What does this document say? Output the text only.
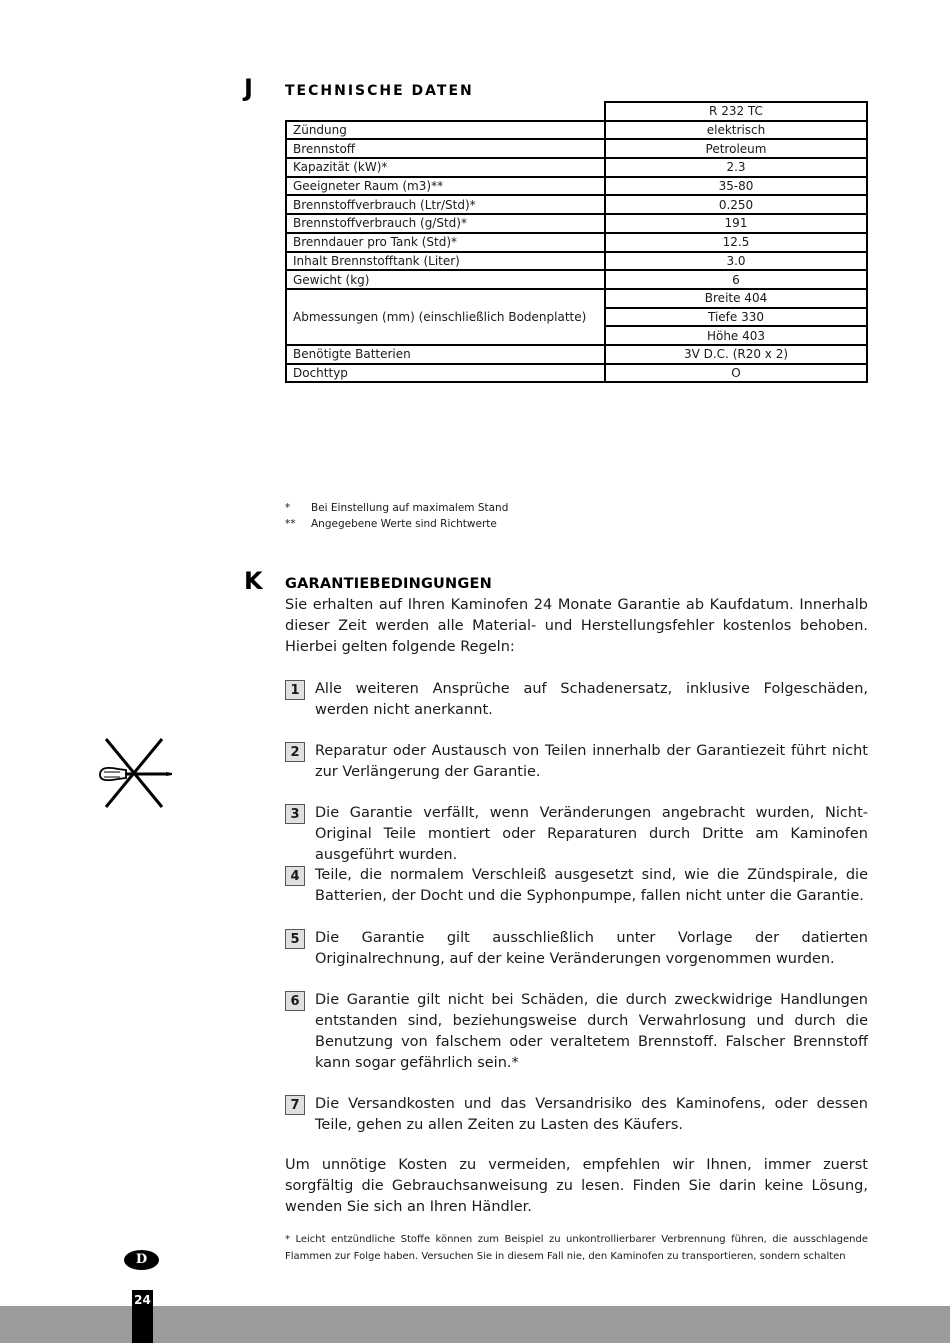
J TECHNISCHE DATEN
	R 232 TC
Zündung	elektrisch
Brennstoff	Petroleum
Kapazität (kW)*	2.3
Geeigneter Raum (m3)**	35-80
Brennstoffverbrauch (Ltr/Std)*	0.250
Brennstoffverbrauch (g/Std)*	191
Brenndauer pro Tank (Std)*	12.5
Inhalt Brennstofftank (Liter)	3.0
Gewicht (kg)	6
Abmessungen (mm) (einschließlich Bodenplatte)	Breite 404
	Tiefe 330
	Höhe 403
Benötigte Batterien	3V D.C. (R20 x 2)
Dochttyp	O
*	Bei Einstellung auf maximalem Stand
**	Angegebene Werte sind Richtwerte
K GARANTIEBEDINGUNGEN
Sie erhalten auf Ihren Kaminofen 24 Monate Garantie ab Kaufdatum. Innerhalb dieser Zeit werden alle Material- und Herstellungsfehler kostenlos behoben. Hierbei gelten folgende Regeln:
1	Alle weiteren Ansprüche auf Schadenersatz, inklusive Folgeschäden, werden nicht anerkannt.
2	Reparatur oder Austausch von Teilen innerhalb der Garantiezeit führt nicht zur Verlängerung der Garantie.
3	Die Garantie verfällt, wenn Veränderungen angebracht wurden, Nicht-Original Teile montiert oder Reparaturen durch Dritte am Kaminofen ausgeführt wurden.
4	Teile, die normalem Verschleiß ausgesetzt sind, wie die Zündspirale, die Batterien, der Docht und die Syphonpumpe, fallen nicht unter die Garantie.
5	Die Garantie gilt ausschließlich unter Vorlage der datierten Originalrechnung, auf der keine Veränderungen vorgenommen wurden.
6	Die Garantie gilt nicht bei Schäden, die durch zweckwidrige Handlungen entstanden sind, beziehungsweise durch Verwahrlosung und durch die Benutzung von falschem oder veraltetem Brennstoff. Falscher Brennstoff kann sogar gefährlich sein.*
7	Die Versandkosten und das Versandrisiko des Kaminofens, oder dessen Teile, gehen zu allen Zeiten zu Lasten des Käufers.
Um unnötige Kosten zu vermeiden, empfehlen wir Ihnen, immer zuerst sorgfältig die Gebrauchsanweisung zu lesen. Finden Sie darin keine Lösung, wenden Sie sich an Ihren Händler.
* Leicht entzündliche Stoffe können zum Beispiel zu unkontrollierbarer Verbrennung führen, die ausschlagende Flammen zur Folge haben. Versuchen Sie in diesem Fall nie, den Kaminofen zu transportieren, sondern schalten
D
24
